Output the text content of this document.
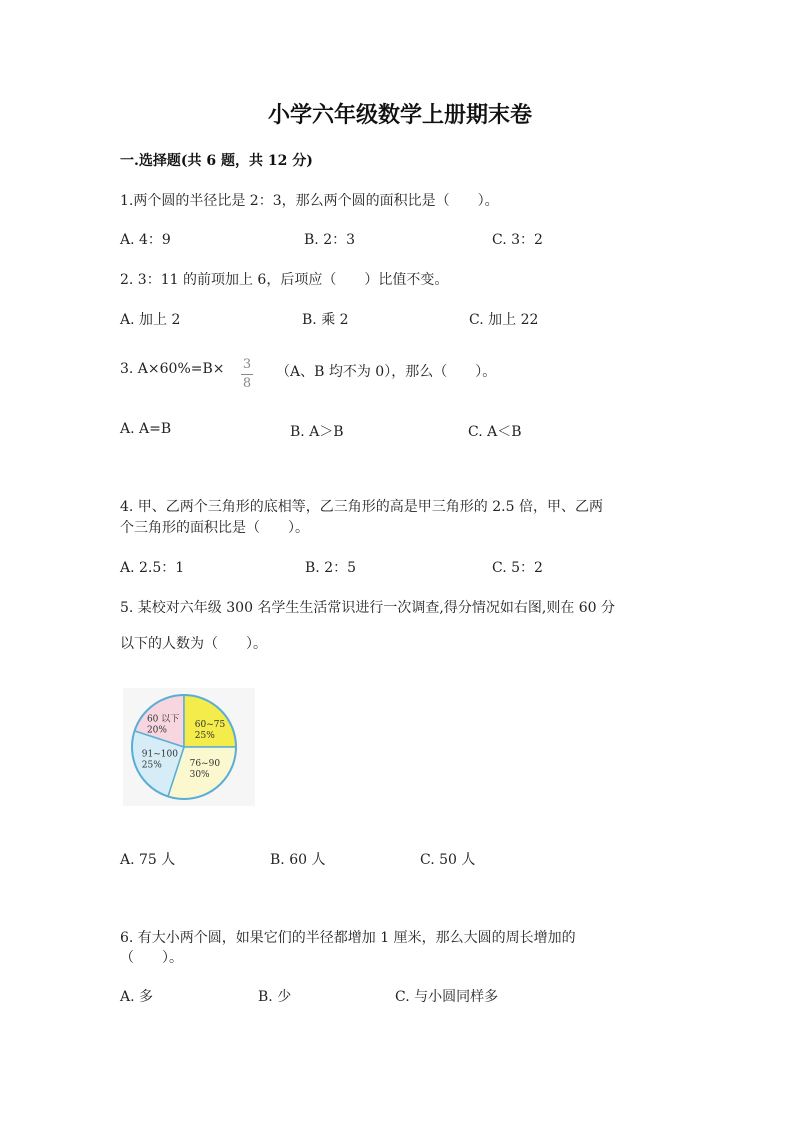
小学六年级数学上册期末卷
一.选择题(共 6 题，共 12 分)
1.两个圆的半径比是 2：3，那么两个圆的面积比是（　　）。
A. 4：9	B. 2：3	C. 3：2
2. 3：11 的前项加上 6，后项应（　　）比值不变。
A. 加上 2	B. 乘 2	C. 加上 22
3. $A\times 60\%=B\times \frac{3}{8} (A$、B 均不为 0），那么（　　）。
A. A=B	B. A＞B	C. A＜B
4. 甲、乙两个三角形的底相等，乙三角形的高是甲三角形的 2.5 倍，甲、乙两
个三角形的面积比是（　　）。
A. 2.5：1	B. 2：5	C. 5：2
5. 某校对六年级 300 名学生生活常识进行一次调查,得分情况如右图,则在 60 分
以下的人数为（　　）。
60 以下
20%
60~75
25%
76~90
30%
91~100
25%
A. 75 人	B. 60 人	C. 50 人
6. 有大小两个圆，如果它们的半径都增加 1 厘米，那么大圆的周长增加的
（　　）。
A. 多	B. 少	C. 与小圆同样多
